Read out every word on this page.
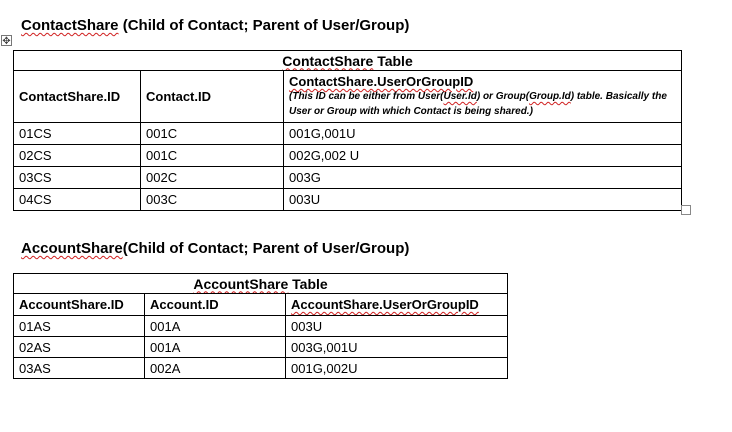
ContactShare (Child of Contact; Parent of User/Group)
✥
ContactShare Table		
ContactShare.ID	Contact.ID	ContactShare.UserOrGroupID
(This ID can be either from User(User.Id) or Group(Group.Id) table. Basically the User or Group with which Contact is being shared.)

01CS	001C	001G,001U
02CS	001C	002G,002 U
03CS	002C	003G
04CS	003C	003U
AccountShare(Child of Contact; Parent of User/Group)
AccountShare Table		
AccountShare.ID	Account.ID	AccountShare.UserOrGroupID
01AS	001A	003U
02AS	001A	003G,001U
03AS	002A	001G,002U
